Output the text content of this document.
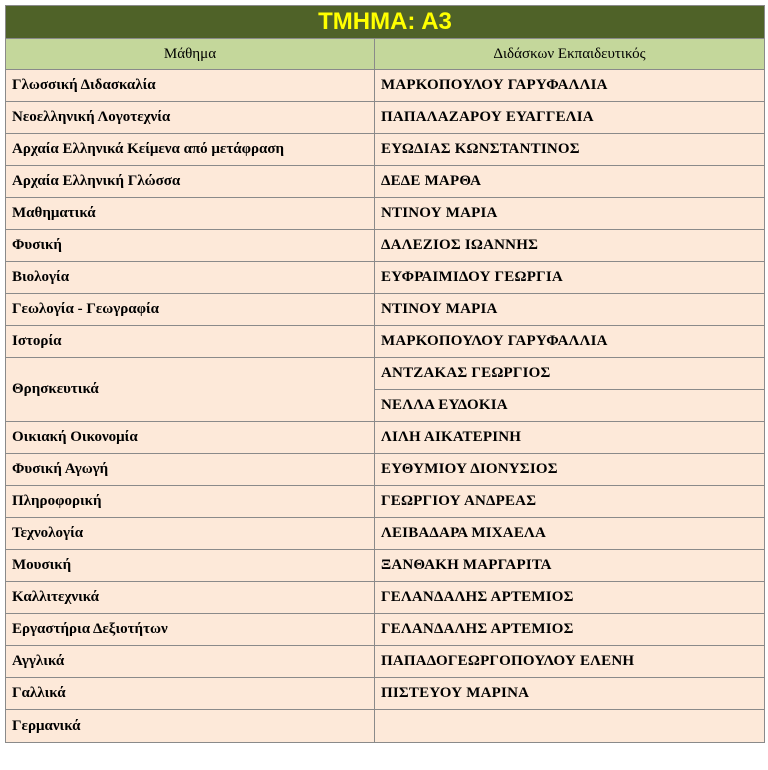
ΤΜΗΜΑ: Α3	
Μάθημα	Διδάσκων Εκπαιδευτικός
Γλωσσική Διδασκαλία	ΜΑΡΚΟΠΟΥΛΟΥ ΓΑΡΥΦΑΛΛΙΑ
Νεοελληνική Λογοτεχνία	ΠΑΠΑΛΑΖΑΡΟΥ ΕΥΑΓΓΕΛΙΑ
Αρχαία Ελληνικά Κείμενα από μετάφραση	ΕΥΩΔΙΑΣ ΚΩΝΣΤΑΝΤΙΝΟΣ
Αρχαία Ελληνική Γλώσσα	ΔΕΔΕ ΜΑΡΘΑ
Μαθηματικά	ΝΤΙΝΟΥ ΜΑΡΙΑ
Φυσική	ΔΑΛΕΖΙΟΣ ΙΩΑΝΝΗΣ
Βιολογία	ΕΥΦΡΑΙΜΙΔΟΥ ΓΕΩΡΓΙΑ
Γεωλογία - Γεωγραφία	ΝΤΙΝΟΥ ΜΑΡΙΑ
Ιστορία	ΜΑΡΚΟΠΟΥΛΟΥ ΓΑΡΥΦΑΛΛΙΑ
Θρησκευτικά	ΑΝΤΖΑΚΑΣ ΓΕΩΡΓΙΟΣ
	ΝΕΛΛΑ ΕΥΔΟΚΙΑ
Οικιακή Οικονομία	ΛΙΛΗ ΑΙΚΑΤΕΡΙΝΗ
Φυσική Αγωγή	ΕΥΘΥΜΙΟΥ ΔΙΟΝΥΣΙΟΣ
Πληροφορική	ΓΕΩΡΓΙΟΥ ΑΝΔΡΕΑΣ
Τεχνολογία	ΛΕΙΒΑΔΑΡΑ ΜΙΧΑΕΛΑ
Μουσική	ΞΑΝΘΑΚΗ ΜΑΡΓΑΡΙΤΑ
Καλλιτεχνικά	ΓΕΛΑΝΔΑΛΗΣ ΑΡΤΕΜΙΟΣ
Εργαστήρια Δεξιοτήτων	ΓΕΛΑΝΔΑΛΗΣ ΑΡΤΕΜΙΟΣ
Αγγλικά	ΠΑΠΑΔΟΓΕΩΡΓΟΠΟΥΛΟΥ ΕΛΕΝΗ
Γαλλικά	ΠΙΣΤΕΥΟΥ ΜΑΡΙΝΑ
Γερμανικά	
